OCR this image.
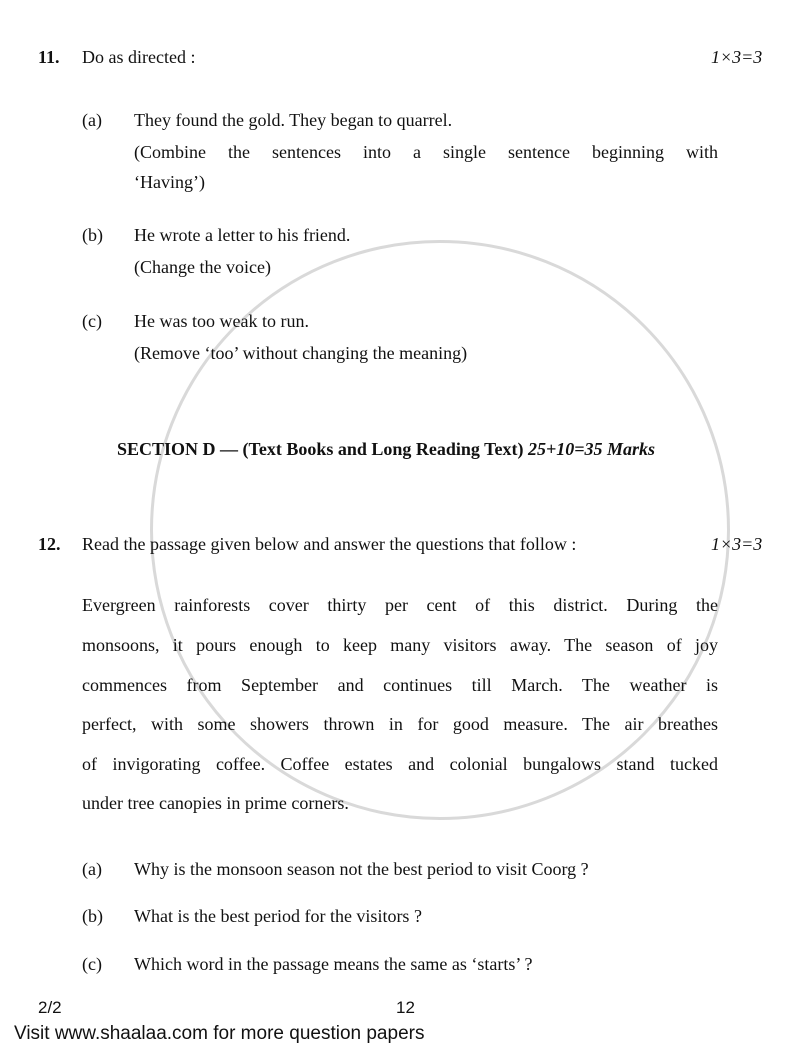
11. Do as directed :	1×3=3
(a) They found the gold. They began to quarrel.
(Combine the sentences into a single sentence beginning with
‘Having’)
(b) He wrote a letter to his friend.
(Change the voice)
(c) He was too weak to run.
(Remove ‘too’ without changing the meaning)
SECTION D — (Text Books and Long Reading Text) 25+10=35 Marks
12. Read the passage given below and answer the questions that follow :	1×3=3
Evergreen rainforests cover thirty per cent of this district. During the
monsoons, it pours enough to keep many visitors away. The season of joy
commences from September and continues till March. The weather is
perfect, with some showers thrown in for good measure. The air breathes
of invigorating coffee. Coffee estates and colonial bungalows stand tucked
under tree canopies in prime corners.
(a) Why is the monsoon season not the best period to visit Coorg ?
(b) What is the best period for the visitors ?
(c) Which word in the passage means the same as ‘starts’ ?
2/2	12
Visit www.shaalaa.com for more question papers
